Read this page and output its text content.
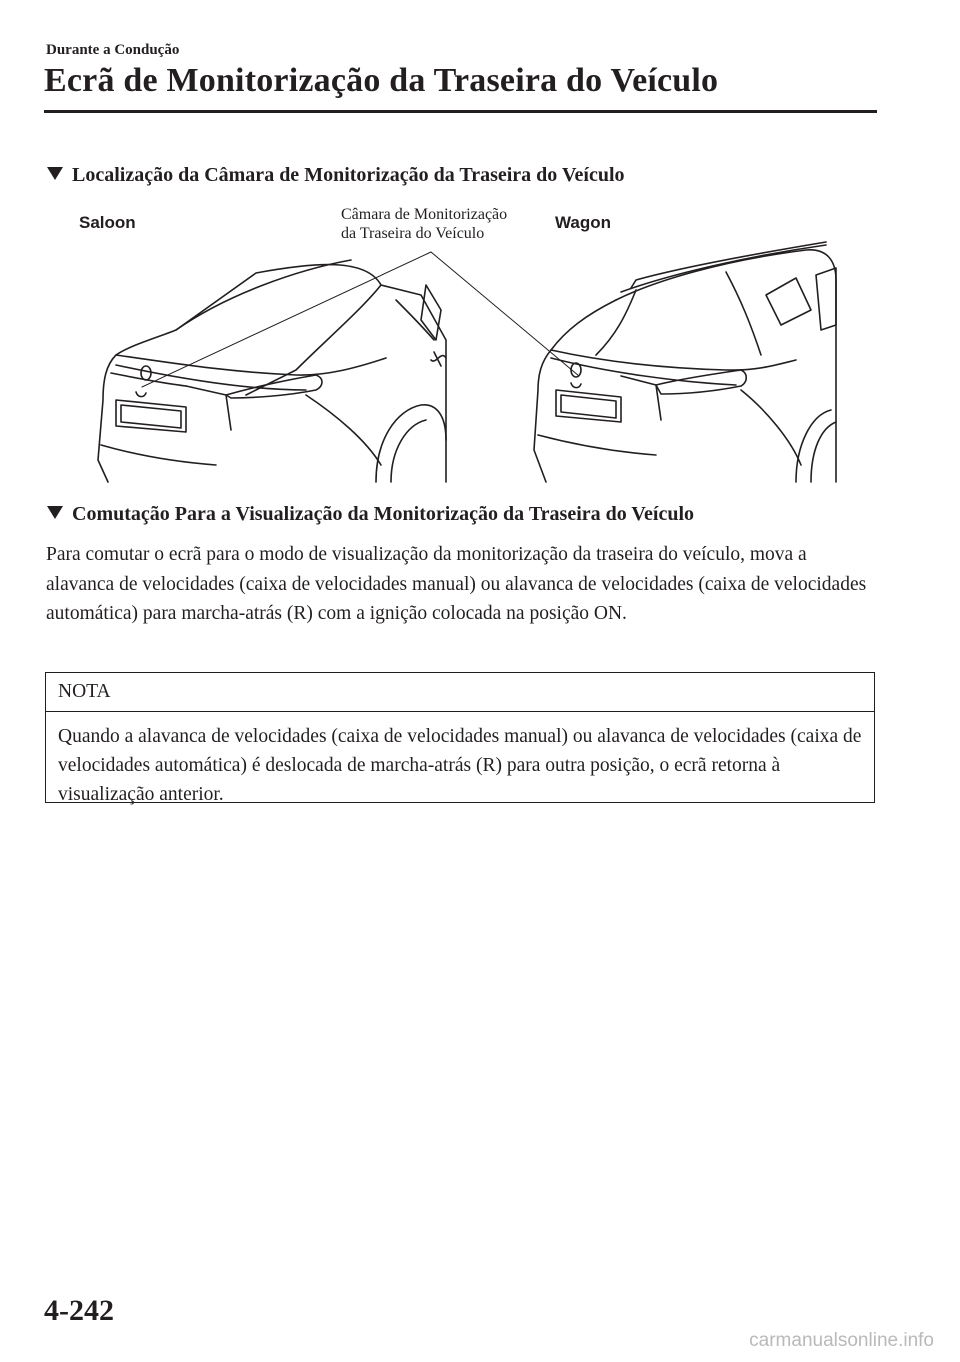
Durante a Condução
Ecrã de Monitorização da Traseira do Veículo
Localização da Câmara de Monitorização da Traseira do Veículo
Saloon	Câmara de Monitorização
da Traseira do Veículo
Wagon
Comutação Para a Visualização da Monitorização da Traseira do Veículo

Para comutar o ecrã para o modo de visualização da monitorização da traseira do veículo, mova a alavanca de velocidades (caixa de velocidades manual) ou alavanca de velocidades (caixa de velocidades automática) para marcha-atrás (R) com a ignição colocada na posição ON.

NOTA
Quando a alavanca de velocidades (caixa de velocidades manual) ou alavanca de velocidades (caixa de velocidades automática) é deslocada de marcha-atrás (R) para outra posição, o ecrã retorna à visualização anterior.
4-242
carmanualsonline.info
